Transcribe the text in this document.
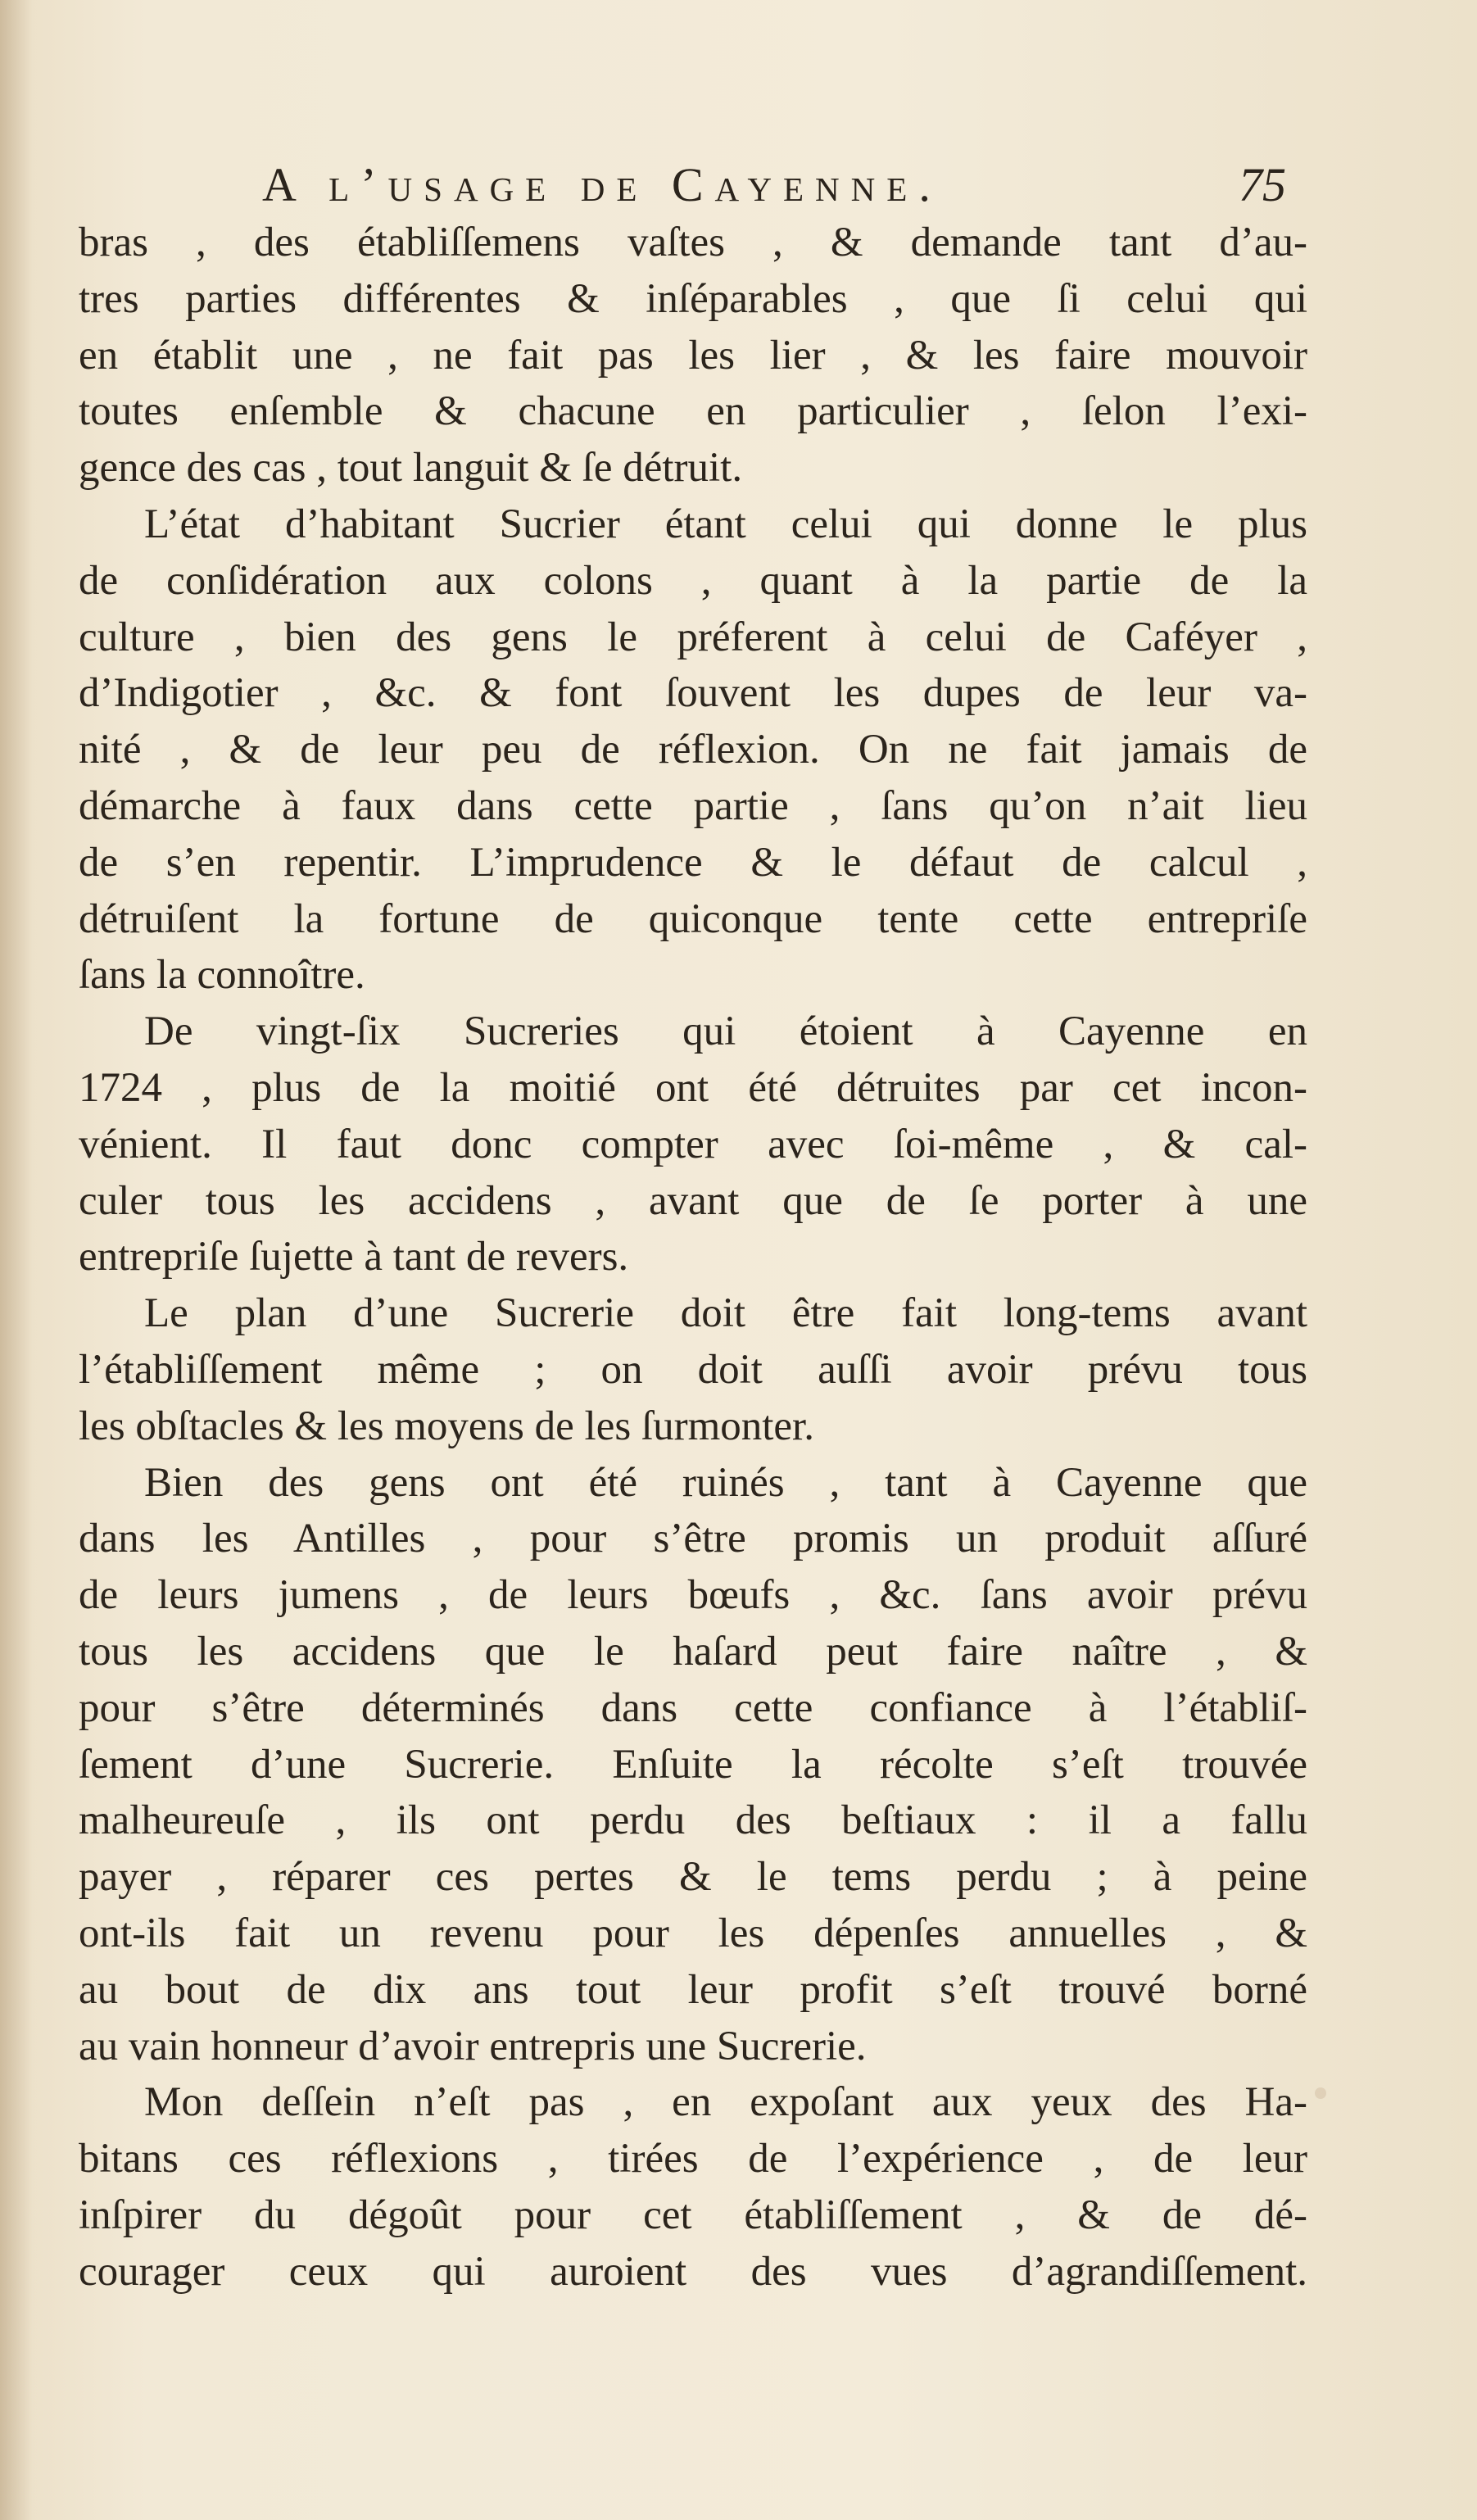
A l’usage de Cayenne.	75
bras , des établiſſemens vaſtes , & demande tant d’au-
tres parties différentes & inſéparables , que ſi celui qui
en établit une , ne fait pas les lier , & les faire mouvoir
toutes enſemble & chacune en particulier , ſelon l’exi-
gence des cas , tout languit & ſe détruit.
L’état d’habitant Sucrier étant celui qui donne le plus
de conſidération aux colons , quant à la partie de la
culture , bien des gens le préferent à celui de Caféyer ,
d’Indigotier , &c. & font ſouvent les dupes de leur va-
nité , & de leur peu de réflexion. On ne fait jamais de
démarche à faux dans cette partie , ſans qu’on n’ait lieu
de s’en repentir. L’imprudence & le défaut de calcul ,
détruiſent la fortune de quiconque tente cette entrepriſe
ſans la connoître.
De vingt-ſix Sucreries qui étoient à Cayenne en
1724 , plus de la moitié ont été détruites par cet incon-
vénient. Il faut donc compter avec ſoi-même , & cal-
culer tous les accidens , avant que de ſe porter à une
entrepriſe ſujette à tant de revers.
Le plan d’une Sucrerie doit être fait long-tems avant
l’établiſſement même ; on doit auſſi avoir prévu tous
les obſtacles & les moyens de les ſurmonter.
Bien des gens ont été ruinés , tant à Cayenne que
dans les Antilles , pour s’être promis un produit aſſuré
de leurs jumens , de leurs bœufs , &c. ſans avoir prévu
tous les accidens que le haſard peut faire naître , &
pour s’être déterminés dans cette confiance à l’établiſ-
ſement d’une Sucrerie. Enſuite la récolte s’eſt trouvée
malheureuſe , ils ont perdu des beſtiaux : il a fallu
payer , réparer ces pertes & le tems perdu ; à peine
ont-ils fait un revenu pour les dépenſes annuelles , &
au bout de dix ans tout leur profit s’eſt trouvé borné
au vain honneur d’avoir entrepris une Sucrerie.
Mon deſſein n’eſt pas , en expoſant aux yeux des Ha-
bitans ces réflexions , tirées de l’expérience , de leur
inſpirer du dégoût pour cet établiſſement , & de dé-
courager ceux qui auroient des vues d’agrandiſſement.
